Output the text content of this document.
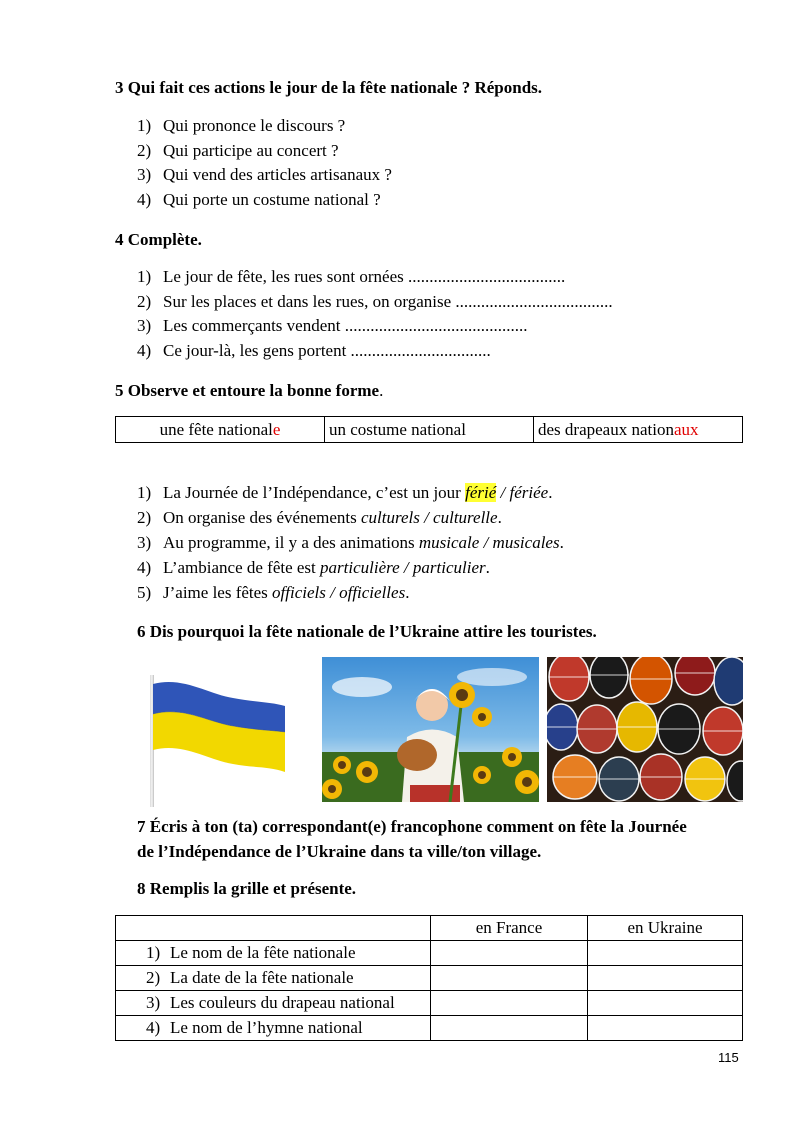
3 Qui fait ces actions le jour de la fête nationale ? Réponds.
1) Qui prononce le discours ?
2) Qui participe au concert ?
3) Qui vend des articles artisanaux ?
4) Qui porte un costume national ?
4 Complète.
1) Le jour de fête, les rues sont ornées .....................................
2) Sur les places et dans les rues, on organise .....................................
3) Les commerçants vendent ...........................................
4) Ce jour-là, les gens portent .................................
5 Observe et entoure la bonne forme.
une fête nationale	un costume national	des drapeaux nationaux
1) La Journée de l’Indépendance, c’est un jour férié / fériée.
2) On organise des événements culturels / culturelle.
3) Au programme, il y a des animations musicale / musicales.
4) L’ambiance de fête est particulière / particulier.
5) J’aime les fêtes officiels / officielles.
6 Dis pourquoi la fête nationale de l’Ukraine attire les touristes.
7 Écris à ton (ta) correspondant(e) francophone comment on fête la Journée
de l’Indépendance de l’Ukraine dans ta ville/ton village.
8 Remplis la grille et présente.
	en France	en Ukraine
1) Le nom de la fête nationale		
2) La date de la fête nationale		
3) Les couleurs du drapeau national		
4) Le nom de l’hymne national		
115
